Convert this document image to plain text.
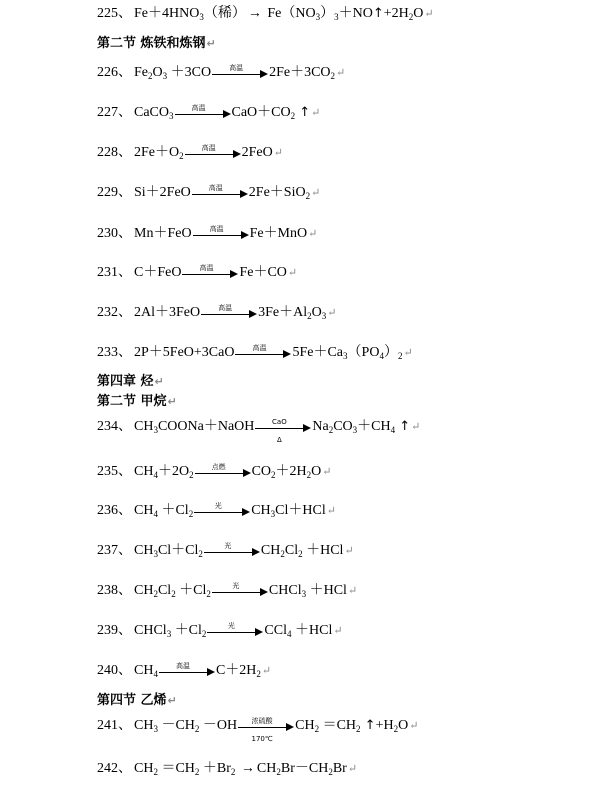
225、 $Fe+4HNO_3$（稀） → $Fe(NO_3)_3+NO↑+2H_2O↵$
第二节 炼铁和炼钢↵
226、 $Fe_2O_3 +3CO$	高温	$2Fe+3CO_2↵$
227、 CaCO$_3$
高温	$CaO+CO_2$ ↑↵
228、 $2Fe+O_2$
高温	2FeO↵
229、 Si＋2FeO	高温	2Fe＋SiO$_2$↵
230、 Mn＋FeO	高温	Fe＋MnO↵
231、 C＋FeO	高温	Fe＋CO↵
232、 2Al＋3FeO	高温	$3Fe+Al_2O_3↵$
233、 2P＋5FeO+3CaO	高温	$5Fe+Ca_3(PO_4)_2↵$
第四章 烃↵
第二节 甲烷↵
234、 $CH_3COONa+NaOH$	CaO
Δ
$Na_2CO_3+CH_4$ ↑↵
235、 $CH_4+2O_2$
点燃	$CO_2+2H_2O↵$
236、 $CH_4 +Cl_2$
光	$CH_3Cl+HCl↵$
237、 $CH_3Cl+Cl_2$
光	$CH_2Cl_2$ ＋HCl↵
238、 $CH_2Cl_2 +Cl_2$
光	CHCl$_3$ ＋HCl↵
239、 CHCl$_3$ $+Cl_2$
光	CCl$_4$ ＋HCl↵
240、 $CH_4$
高温	$C+2H_2↵$
第四节 乙烯↵
241、 $CH_3 -CH_2 -OH$	浓硫酸
170℃
$CH_2 =CH_2$ $↑+H_2O↵$
242、 $CH_2 =CH_2 +Br_2$ → $CH_2Br-CH_2Br↵$
